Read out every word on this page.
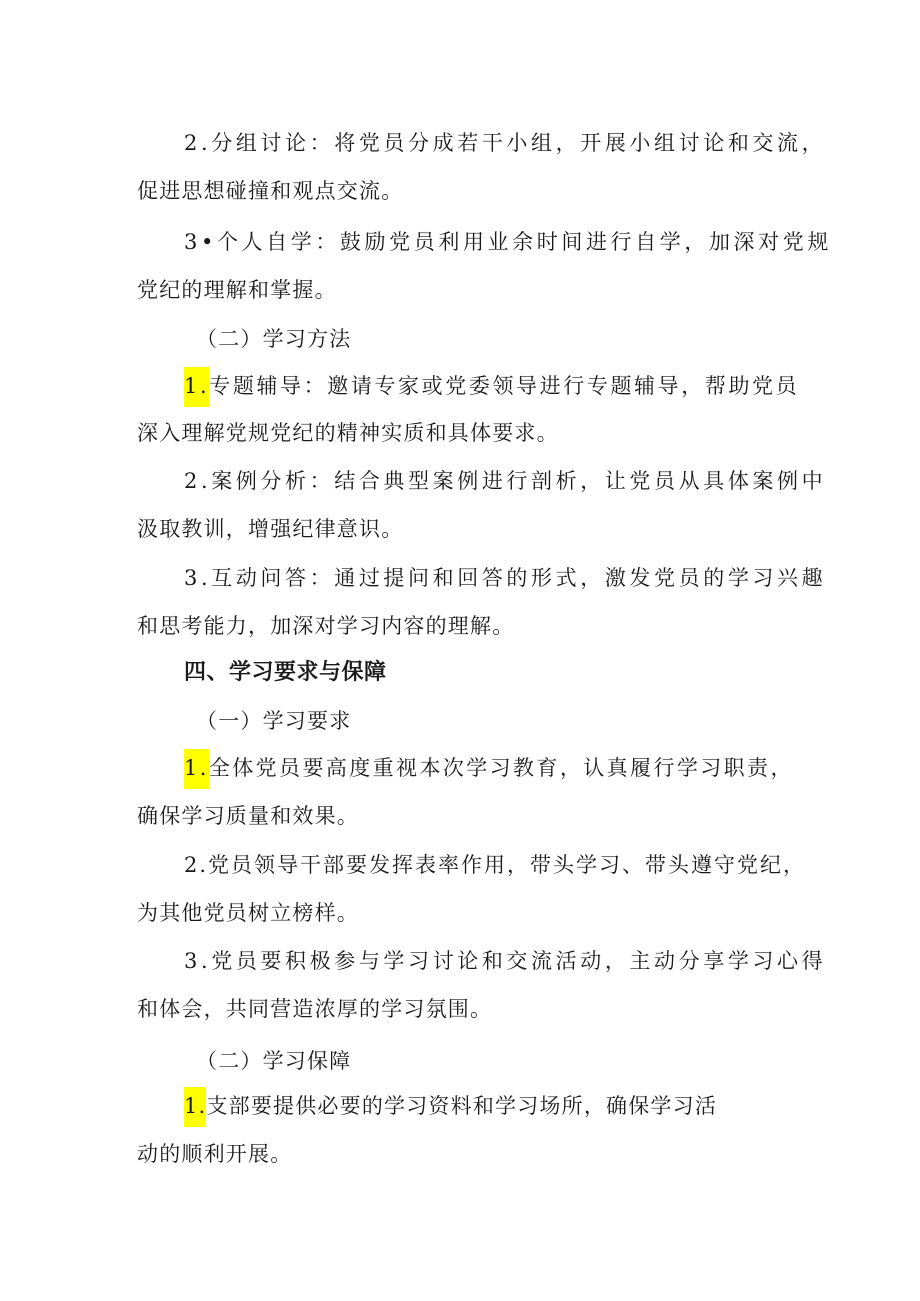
2.分组讨论：将党员分成若干小组，开展小组讨论和交流，
促进思想碰撞和观点交流。
3•个人自学：鼓励党员利用业余时间进行自学，加深对党规
党纪的理解和掌握。
（二）学习方法
1.专题辅导：邀请专家或党委领导进行专题辅导，帮助党员
深入理解党规党纪的精神实质和具体要求。
2.案例分析：结合典型案例进行剖析，让党员从具体案例中
汲取教训，增强纪律意识。
3.互动问答：通过提问和回答的形式，激发党员的学习兴趣
和思考能力，加深对学习内容的理解。
四、学习要求与保障
（一）学习要求
1.全体党员要高度重视本次学习教育，认真履行学习职责，
确保学习质量和效果。
2.党员领导干部要发挥表率作用，带头学习、带头遵守党纪，
为其他党员树立榜样。
3.党员要积极参与学习讨论和交流活动，主动分享学习心得
和体会，共同营造浓厚的学习氛围。
（二）学习保障
1.支部要提供必要的学习资料和学习场所，确保学习活
动的顺利开展。
